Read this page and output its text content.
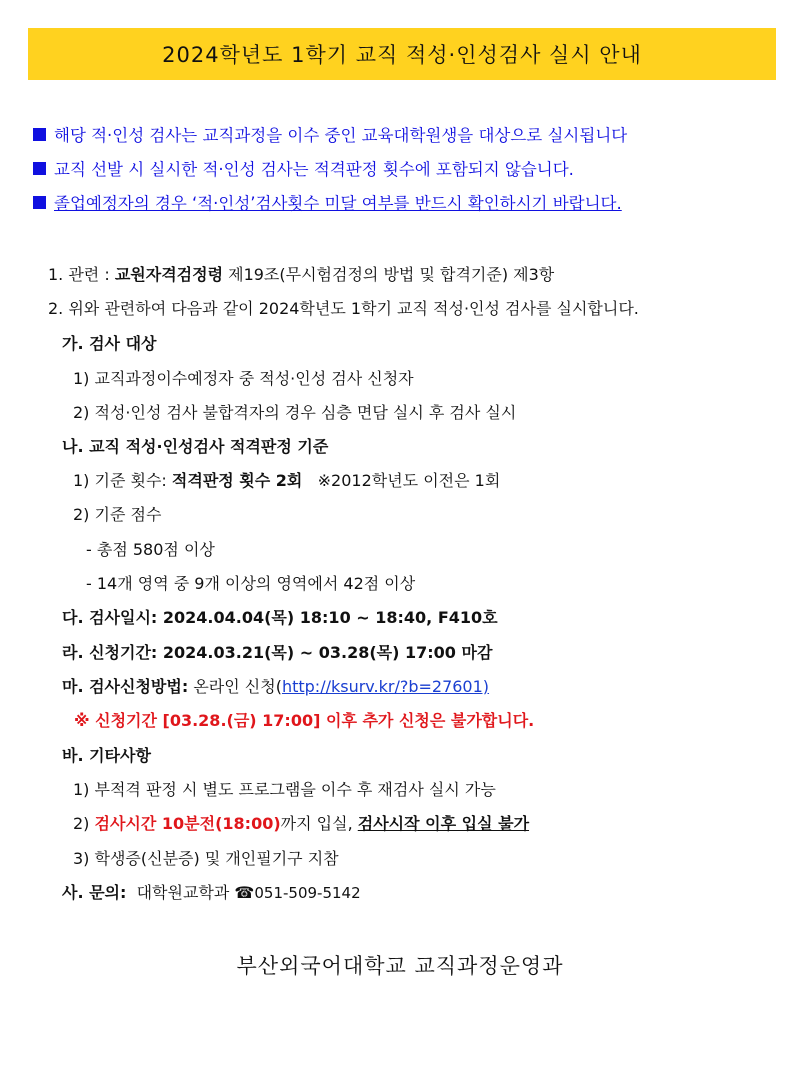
2024학년도 1학기 교직 적성·인성검사 실시 안내
해당 적·인성 검사는 교직과정을 이수 중인 교육대학원생을 대상으로 실시됩니다
교직 선발 시 실시한 적·인성 검사는 적격판정 횟수에 포함되지 않습니다.
졸업예정자의 경우 ‘적·인성’검사횟수 미달 여부를 반드시 확인하시기 바랍니다.
1. 관련 : 교원자격검정령 제19조(무시험검정의 방법 및 합격기준) 제3항
2. 위와 관련하여 다음과 같이 2024학년도 1학기 교직 적성·인성 검사를 실시합니다.
가. 검사 대상
1) 교직과정이수예정자 중 적성·인성 검사 신청자
2) 적성·인성 검사 불합격자의 경우 심층 면담 실시 후 검사 실시
나. 교직 적성·인성검사 적격판정 기준
1) 기준 횟수: 적격판정 횟수 2회   ※2012학년도 이전은 1회
2) 기준 점수
- 총점 580점 이상
- 14개 영역 중 9개 이상의 영역에서 42점 이상
다. 검사일시: 2024.04.04(목) 18:10 ~ 18:40, F410호
라. 신청기간: 2024.03.21(목) ~ 03.28(목) 17:00 마감
마. 검사신청방법: 온라인 신청(http://ksurv.kr/?b=27601)
※ 신청기간 [03.28.(금) 17:00] 이후 추가 신청은 불가합니다.
바. 기타사항
1) 부적격 판정 시 별도 프로그램을 이수 후 재검사 실시 가능
2) 검사시간 10분전(18:00)까지 입실, 검사시작 이후 입실 불가
3) 학생증(신분증) 및 개인필기구 지참
사. 문의:  대학원교학과 ☎051-509-5142
부산외국어대학교 교직과정운영과
